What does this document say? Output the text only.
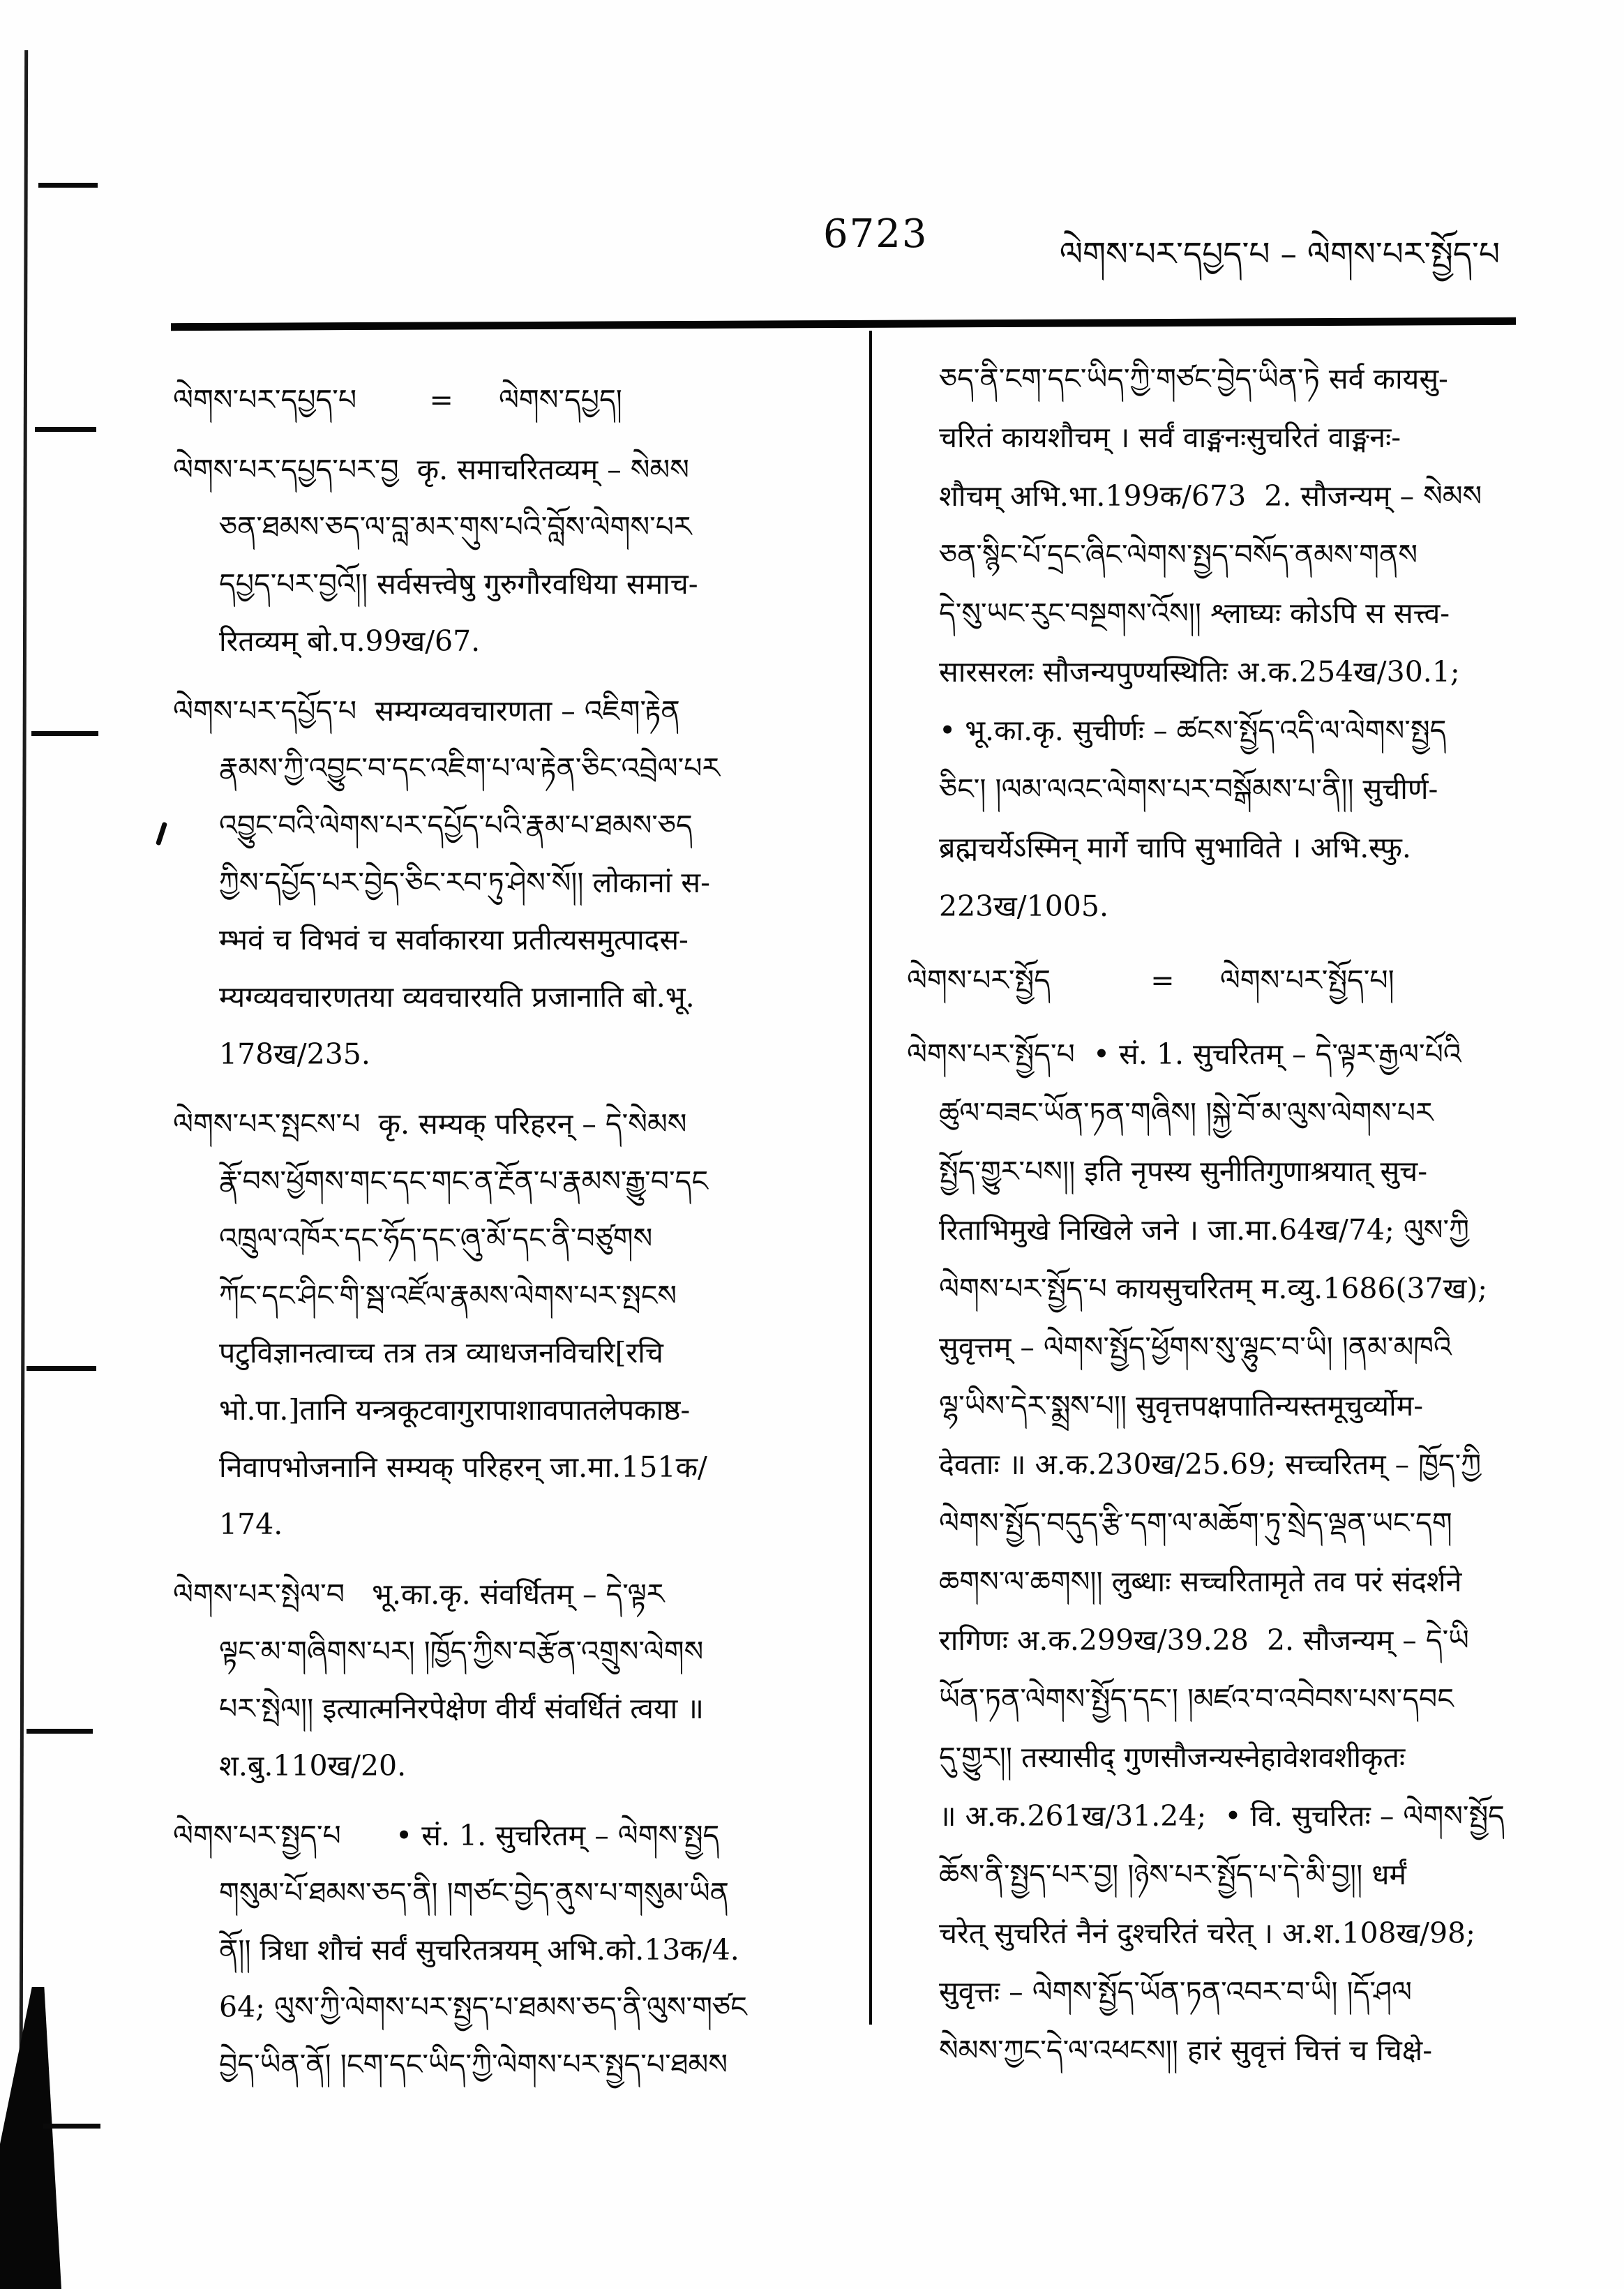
6723	ལེགས་པར་དཔྱད་པ – ལེགས་པར་སྤྱོད་པ
ལེགས་པར་དཔྱད་པ        =     ལེགས་དཔྱད།
ལེགས་པར་དཔྱད་པར་བྱ  कृ. समाचरितव्यम् – སེམས
ཅན་ཐམས་ཅད་ལ་བླ་མར་གུས་པའི་བློས་ལེགས་པར
དཔྱད་པར་བྱའོ།། सर्वसत्त्वेषु गुरुगौरवधिया समाच-
रितव्यम् बो.प.99ख/67.
ལེགས་པར་དཔྱོད་པ  सम्यग्व्यवचारणता – འཇིག་རྟེན
རྣམས་ཀྱི་འབྱུང་བ་དང་འཇིག་པ་ལ་རྟེན་ཅིང་འབྲེལ་པར
འབྱུང་བའི་ལེགས་པར་དཔྱོད་པའི་རྣམ་པ་ཐམས་ཅད
ཀྱིས་དཔྱོད་པར་བྱེད་ཅིང་རབ་ཏུ་ཤེས་སོ།། लोकानां स-
म्भवं च विभवं च सर्वाकारया प्रतीत्यसमुत्पादस-
म्यग्व्यवचारणतया व्यवचारयति प्रजानाति बो.भू.
178ख/235.
ལེགས་པར་སྤངས་པ  कृ. सम्यक् परिहरन् – དེ་སེམས
རྣོ་བས་ཕྱོགས་གང་དང་གང་ན་རྔོན་པ་རྣམས་རྒྱུ་བ་དང
འཁྲུལ་འཁོར་དང་ཧོད་དང་ཞུ་མོ་དང་ནི་བཙུགས
ཀོང་དང་ཤིང་གི་སྦ་འཛོལ་རྣམས་ལེགས་པར་སྤངས
पटुविज्ञानत्वाच्च तत्र तत्र व्याधजनविचरि[रचि
भो.पा.]तानि यन्त्रकूटवागुरापाशावपातलेपकाष्ठ-
निवापभोजनानि सम्यक् परिहरन् जा.मा.151क/
174.
ལེགས་པར་སྤེལ་བ   भू.का.कृ. संवर्धितम् – དེ་ལྟར
ལྟང་མ་གཞིགས་པར། །ཁྱོད་ཀྱིས་བརྩོན་འགྲུས་ལེགས
པར་སྤེལ།། इत्यात्मनिरपेक्षेण वीर्यं संवर्धितं त्वया ॥
श.बु.110ख/20.
ལེགས་པར་སྤྱད་པ      • सं. 1. सुचरितम् – ལེགས་སྤྱད
གསུམ་པོ་ཐམས་ཅད་ནི། །གཙང་བྱེད་ནུས་པ་གསུམ་ཡིན
ནོ།། त्रिधा शौचं सर्वं सुचरितत्रयम् अभि.को.13क/4.
64; ལུས་ཀྱི་ལེགས་པར་སྤྱད་པ་ཐམས་ཅད་ནི་ལུས་གཙང
བྱེད་ཡིན་ནོ། །ངག་དང་ཡིད་ཀྱི་ལེགས་པར་སྤྱད་པ་ཐམས
ཅད་ནི་ངག་དང་ཡིད་ཀྱི་གཙང་བྱེད་ཡིན་ཏེ सर्व कायसु-
चरितं कायशौचम् । सर्वं वाङ्मनःसुचरितं वाङ्मनः-
शौचम् अभि.भा.199क/673  2. सौजन्यम् – སེམས
ཅན་སྙིང་པོ་དྲང་ཞིང་ལེགས་སྤྱད་བསོད་ནམས་གནས
དེ་སུ་ཡང་རུང་བསྔགས་འོས།། श्लाघ्यः कोऽपि स सत्त्व-
सारसरलः सौजन्यपुण्यस्थितिः अ.क.254ख/30.1;
• भू.का.कृ. सुचीर्णः – ཚངས་སྤྱོད་འདི་ལ་ལེགས་སྤྱད
ཅིང་། །ལམ་ལའང་ལེགས་པར་བསྒོམས་པ་ནི།། सुचीर्ण-
ब्रह्मचर्येऽस्मिन् मार्गे चापि सुभाविते । अभि.स्फु.
223ख/1005.
ལེགས་པར་སྤྱོད           =     ལེགས་པར་སྤྱོད་པ།
ལེགས་པར་སྤྱོད་པ  • सं. 1. सुचरितम् – དེ་ལྟར་རྒྱལ་པོའི
ཚུལ་བཟང་ཡོན་ཏན་གཞིས། །སྐྱེ་བོ་མ་ལུས་ལེགས་པར
སྤྱོད་གྱུར་པས།། इति नृपस्य सुनीतिगुणाश्रयात् सुच-
रिताभिमुखे निखिले जने । जा.मा.64ख/74; ལུས་ཀྱི
ལེགས་པར་སྤྱོད་པ कायसुचरितम् म.व्यु.1686(37ख);
सुवृत्तम् – ལེགས་སྤྱོད་ཕྱོགས་སུ་ལྷུང་བ་ཡི། །ནམ་མཁའི
ལྷ་ཡིས་དེར་སྨྲས་པ།། सुवृत्तपक्षपातिन्यस्तमूचुर्व्योम-
देवताः ॥ अ.क.230ख/25.69; सच्चरितम् – ཁྱོད་ཀྱི
ལེགས་སྤྱོད་བདུད་རྩི་དག་ལ་མཆོག་ཏུ་སྲེད་ལྡན་ཡང་དག
ཆགས་ལ་ཆགས།། लुब्धाः सच्चरितामृते तव परं संदर्शने
रागिणः अ.क.299ख/39.28  2. सौजन्यम् – དེ་ཡི
ཡོན་ཏན་ལེགས་སྤྱོད་དང་། །མཛའ་བ་འབེབས་པས་དབང
དུ་གྱུར།། तस्यासीद् गुणसौजन्यस्नेहावेशवशीकृतः
॥ अ.क.261ख/31.24;  • वि. सुचरितः – ལེགས་སྤྱོད
ཆོས་ནི་སྤྱད་པར་བྱ། །ཉེས་པར་སྤྱོད་པ་དེ་མི་བྱ།། धर्मं
चरेत् सुचरितं नैनं दुश्चरितं चरेत् । अ.श.108ख/98;
सुवृत्तः – ལེགས་སྤྱོད་ཡོན་ཏན་འབར་བ་ཡི། །དོ་ཤལ
སེམས་ཀྱང་དེ་ལ་འཕངས།། हारं सुवृत्तं चित्तं च चिक्षे-
